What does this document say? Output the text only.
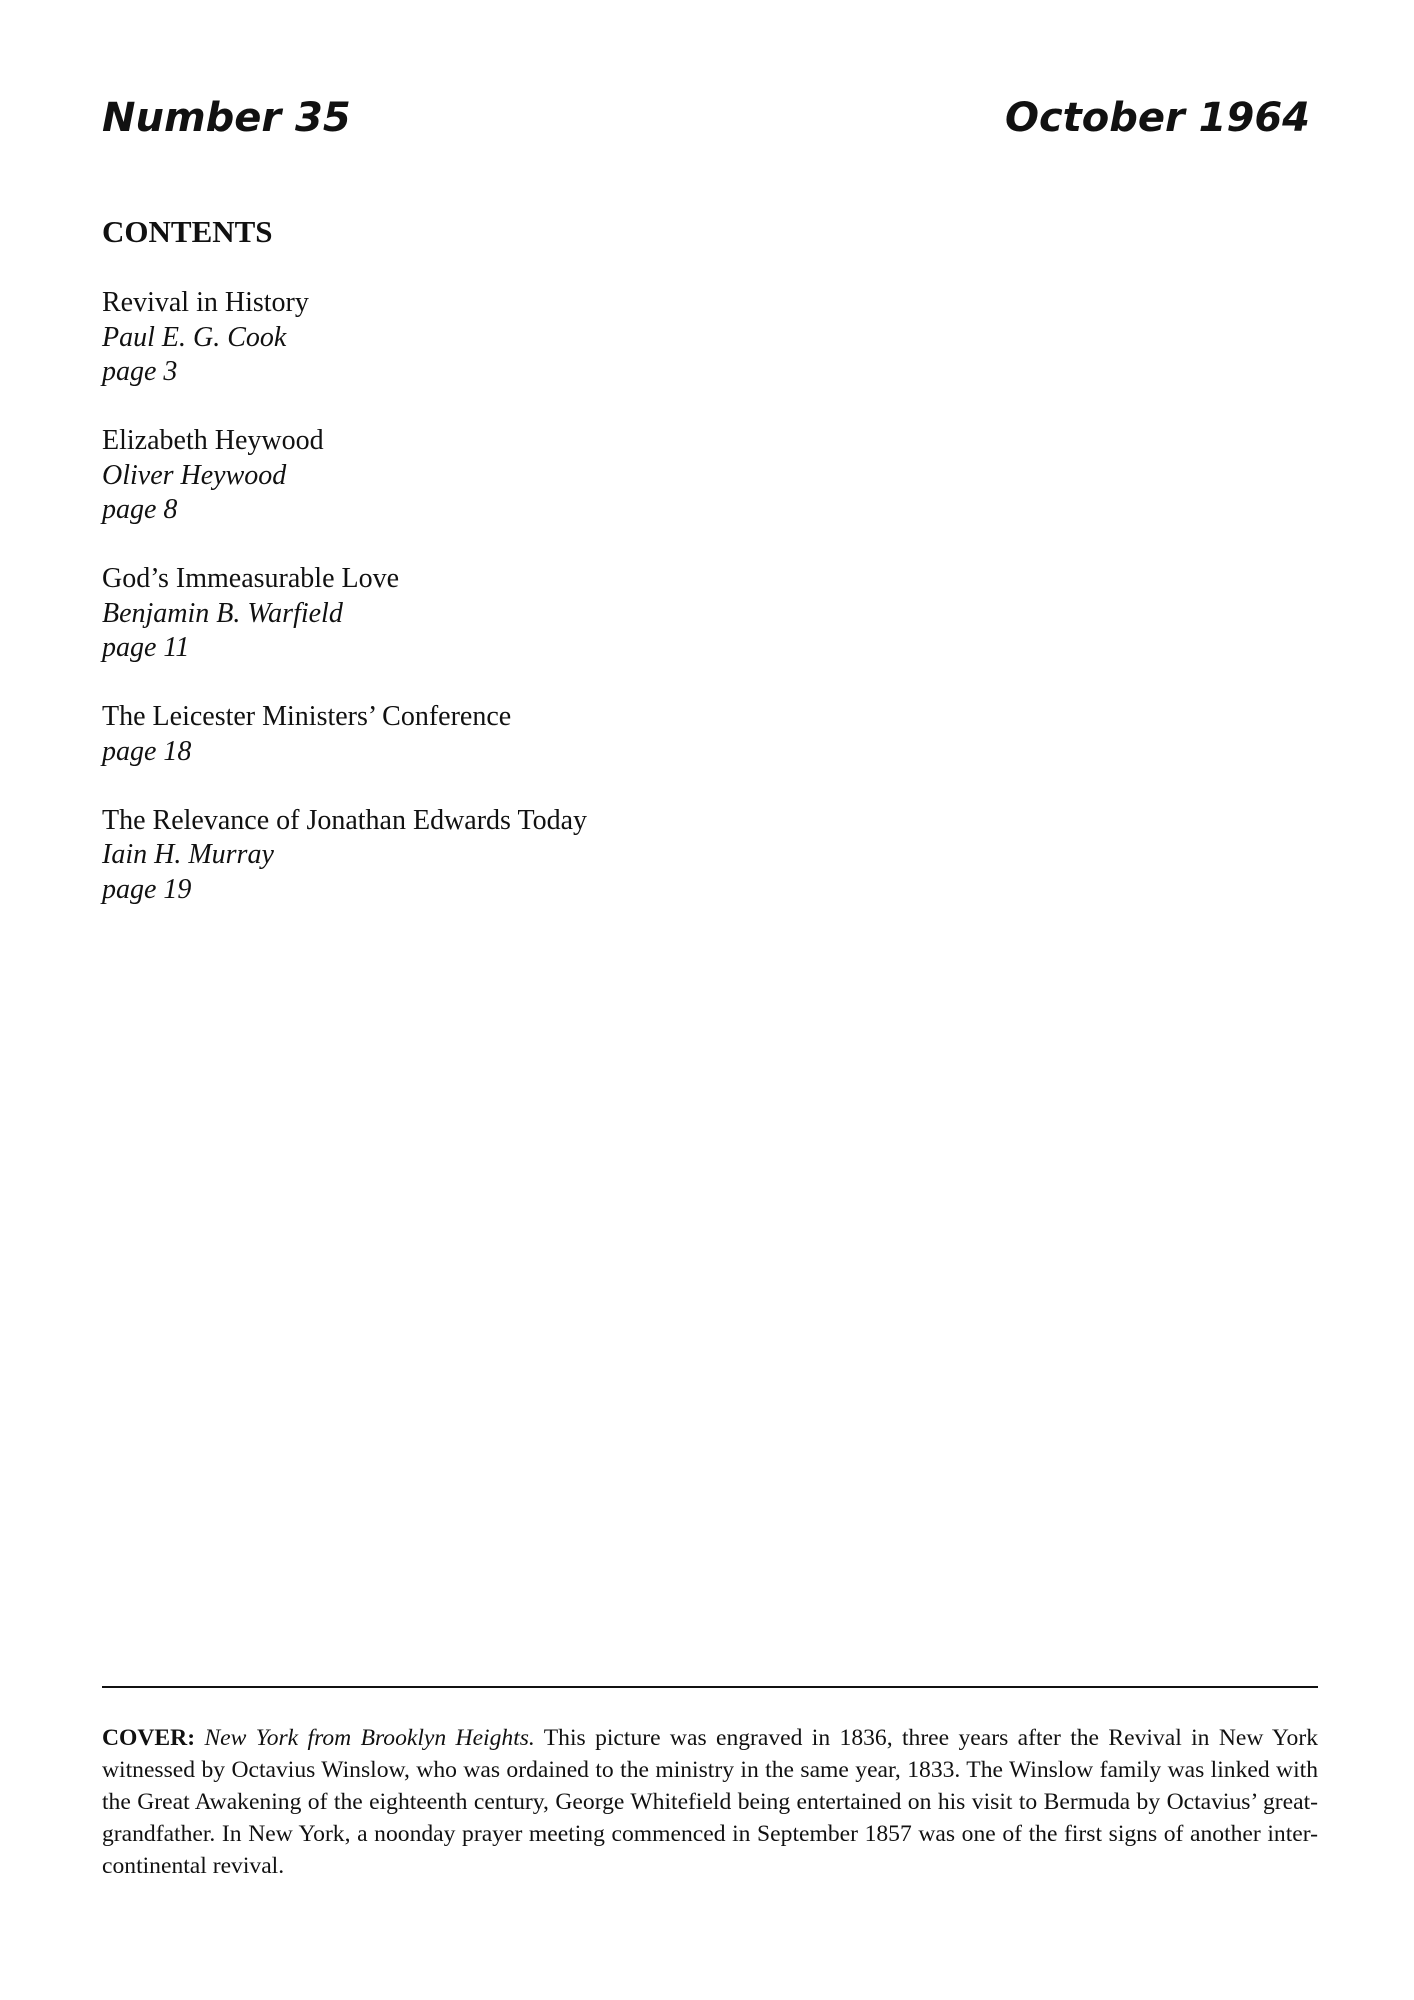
Number 35	October 1964
CONTENTS
Revival in History
Paul E. G. Cook
page 3
Elizabeth Heywood
Oliver Heywood
page 8
God’s Immeasurable Love
Benjamin B. Warfield
page 11
The Leicester Ministers’ Conference
page 18
The Relevance of Jonathan Edwards Today
Iain H. Murray
page 19

COVER: New York from Brooklyn Heights. This picture was engraved in 1836, three years after the Revival in New York witnessed by Octavius Winslow, who was ordained to the ministry in the same year, 1833. The Winslow family was linked with the Great Awakening of the eighteenth century, George Whitefield being entertained on his visit to Bermuda by Octavius’ great-grandfather. In New York, a noonday prayer meeting commenced in September 1857 was one of the first signs of another inter-continental revival.
